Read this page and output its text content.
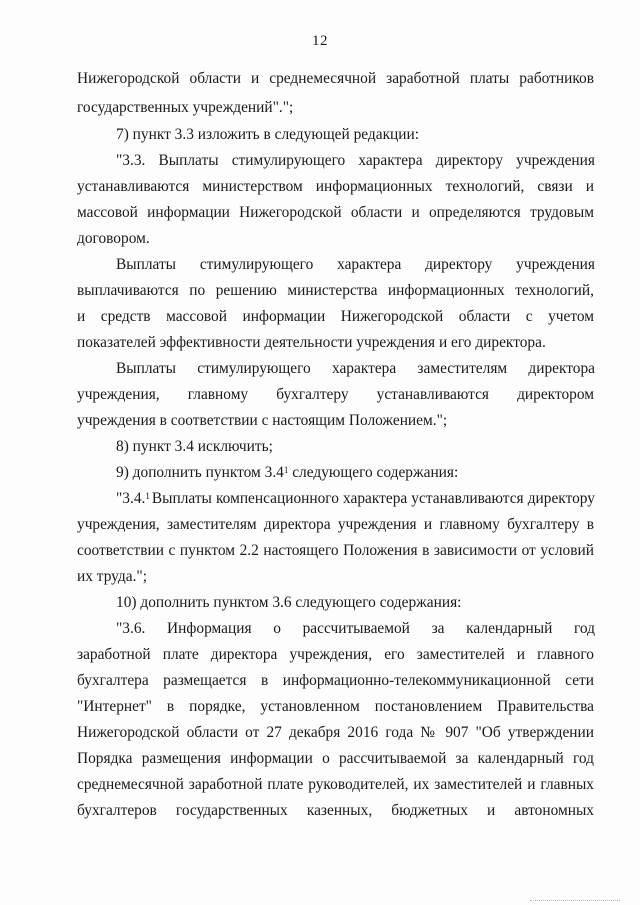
12
Нижегородской области и среднемесячной заработной платы работников
государственных учреждений".";
7) пункт 3.3 изложить в следующей редакции:
"3.3. Выплаты стимулирующего характера директору учреждения
устанавливаются министерством информационных технологий, связи и
массовой информации Нижегородской области и определяются трудовым
договором.
Выплаты стимулирующего характера директору учреждения
выплачиваются по решению министерства информационных технологий,
и средств массовой информации Нижегородской области с учетом
показателей эффективности деятельности учреждения и его директора.
Выплаты стимулирующего характера заместителям директора
учреждения, главному бухгалтеру устанавливаются директором
учреждения в соответствии с настоящим Положением.";
8) пункт 3.4 исключить;
9) дополнить пунктом $3.4^1$ следующего содержания:
"3.4.$^1$ Выплаты компенсационного характера устанавливаются директору
учреждения, заместителям директора учреждения и главному бухгалтеру в
соответствии с пунктом 2.2 настоящего Положения в зависимости от условий
их труда.";
10) дополнить пунктом 3.6 следующего содержания:
"3.6. Информация о рассчитываемой за календарный год
заработной плате директора учреждения, его заместителей и главного
бухгалтера размещается в информационно-телекоммуникационной сети
"Интернет" в порядке, установленном постановлением Правительства
Нижегородской области от 27 декабря 2016 года № 907 "Об утверждении
Порядка размещения информации о рассчитываемой за календарный год
среднемесячной заработной плате руководителей, их заместителей и главных
бухгалтеров государственных казенных, бюджетных и автономных
